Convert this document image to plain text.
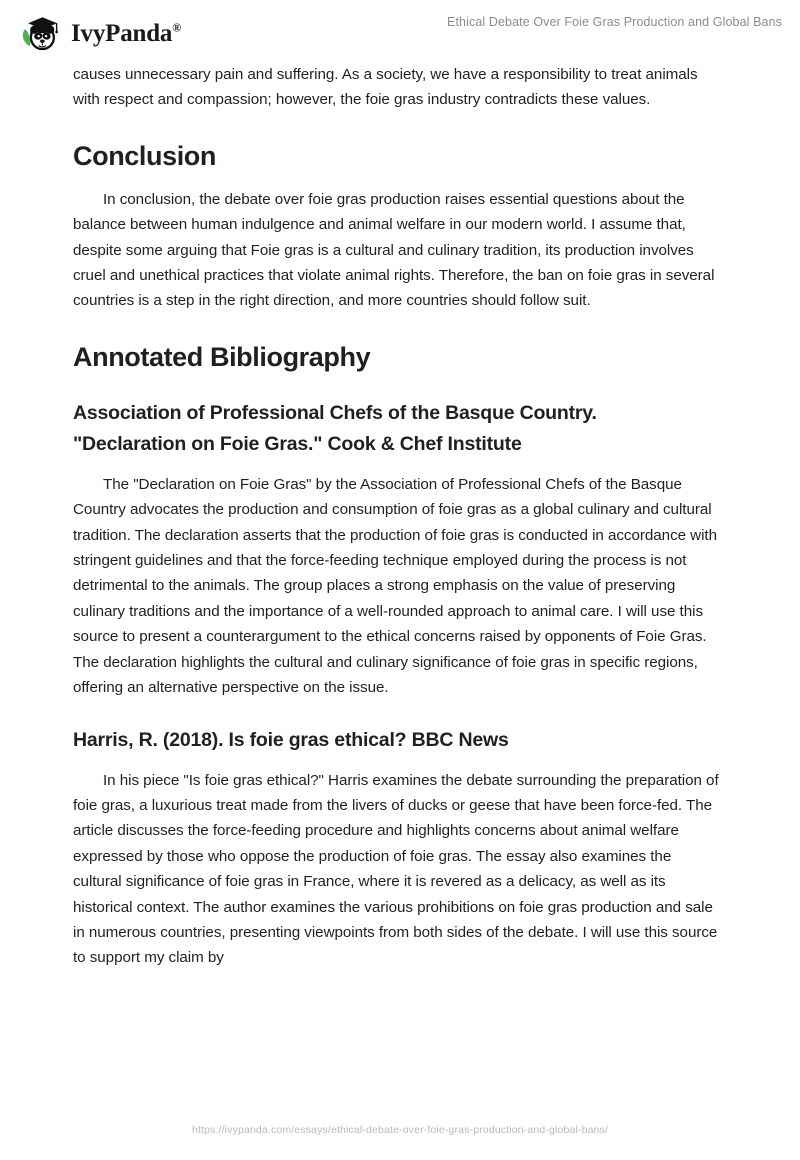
IvyPanda®	Ethical Debate Over Foie Gras Production and Global Bans

causes unnecessary pain and suffering. As a society, we have a responsibility to treat animals with respect and compassion; however, the foie gras industry contradicts these values.

Conclusion

In conclusion, the debate over foie gras production raises essential questions about the balance between human indulgence and animal welfare in our modern world. I assume that, despite some arguing that Foie gras is a cultural and culinary tradition, its production involves cruel and unethical practices that violate animal rights. Therefore, the ban on foie gras in several countries is a step in the right direction, and more countries should follow suit.

Annotated Bibliography
Association of Professional Chefs of the Basque Country. "Declaration on Foie Gras." Cook & Chef Institute

The "Declaration on Foie Gras" by the Association of Professional Chefs of the Basque Country advocates the production and consumption of foie gras as a global culinary and cultural tradition. The declaration asserts that the production of foie gras is conducted in accordance with stringent guidelines and that the force-feeding technique employed during the process is not detrimental to the animals. The group places a strong emphasis on the value of preserving culinary traditions and the importance of a well-rounded approach to animal care. I will use this source to present a counterargument to the ethical concerns raised by opponents of Foie Gras. The declaration highlights the cultural and culinary significance of foie gras in specific regions, offering an alternative perspective on the issue.

Harris, R. (2018). Is foie gras ethical? BBC News

In his piece "Is foie gras ethical?" Harris examines the debate surrounding the preparation of foie gras, a luxurious treat made from the livers of ducks or geese that have been force-fed. The article discusses the force-feeding procedure and highlights concerns about animal welfare expressed by those who oppose the production of foie gras. The essay also examines the cultural significance of foie gras in France, where it is revered as a delicacy, as well as its historical context. The author examines the various prohibitions on foie gras production and sale in numerous countries, presenting viewpoints from both sides of the debate. I will use this source to support my claim by

https://ivypanda.com/essays/ethical-debate-over-foie-gras-production-and-global-bans/
